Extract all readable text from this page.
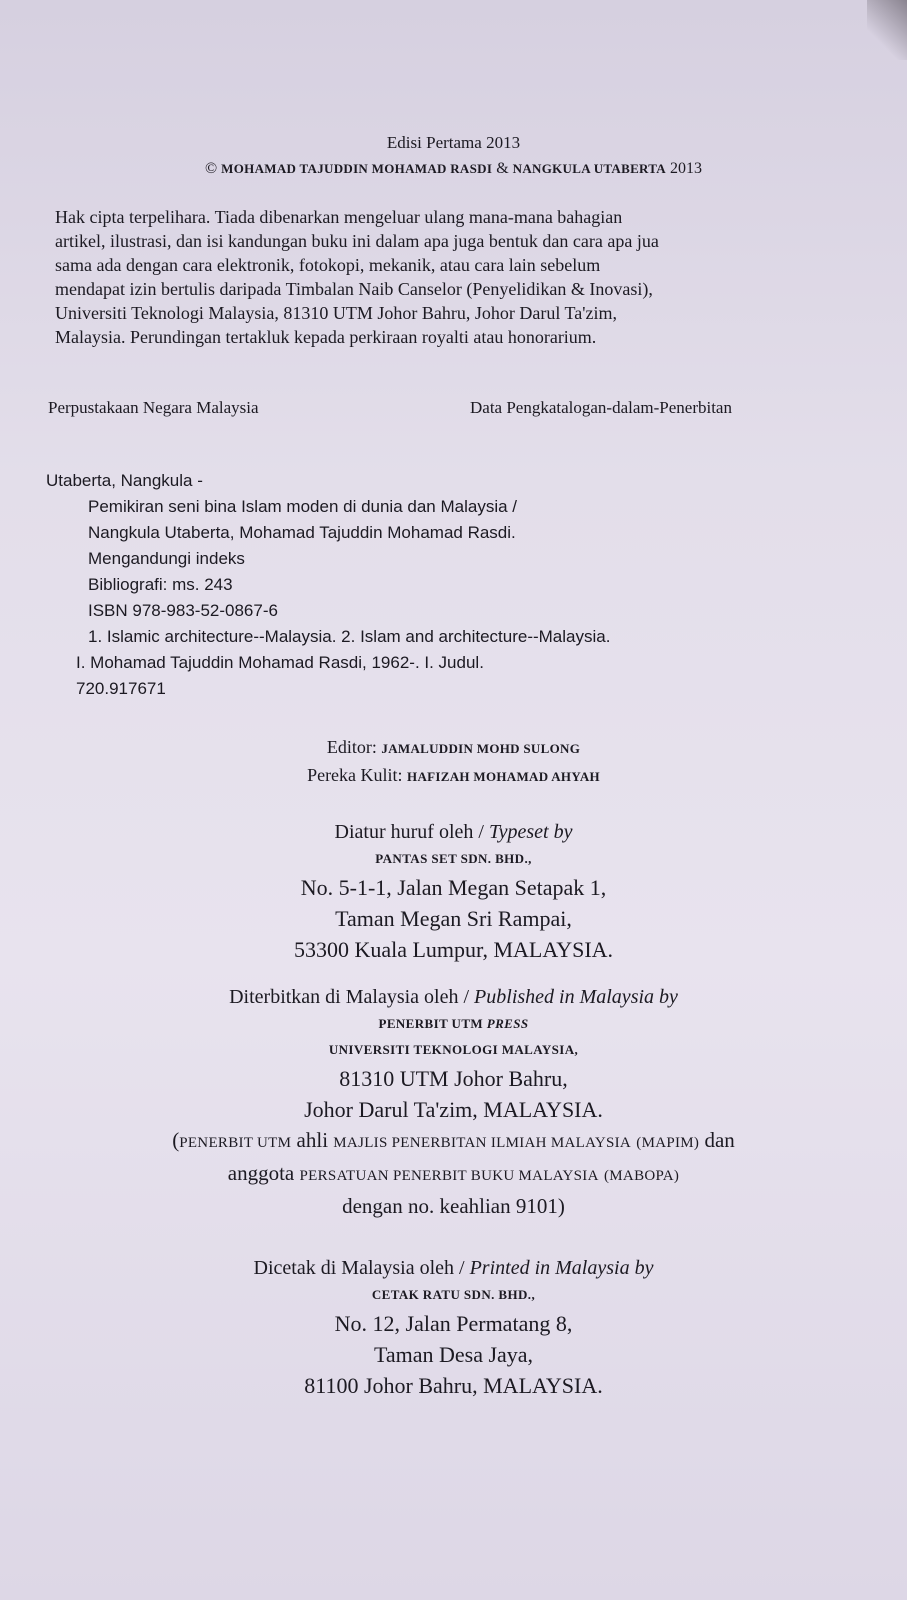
Edisi Pertama 2013
© MOHAMAD TAJUDDIN MOHAMAD RASDI & NANGKULA UTABERTA 2013

Hak cipta terpelihara. Tiada dibenarkan mengeluar ulang mana-mana bahagian

artikel, ilustrasi, dan isi kandungan buku ini dalam apa juga bentuk dan cara apa jua

sama ada dengan cara elektronik, fotokopi, mekanik, atau cara lain sebelum

mendapat izin bertulis daripada Timbalan Naib Canselor (Penyelidikan & Inovasi),

Universiti Teknologi Malaysia, 81310 UTM Johor Bahru, Johor Darul Ta'zim,

Malaysia. Perundingan tertakluk kepada perkiraan royalti atau honorarium.

Perpustakaan Negara Malaysia	Data Pengkatalogan-dalam-Penerbitan
Utaberta, Nangkula -
Pemikiran seni bina Islam moden di dunia dan Malaysia /
Nangkula Utaberta, Mohamad Tajuddin Mohamad Rasdi.
Mengandungi indeks
Bibliografi: ms. 243
ISBN 978-983-52-0867-6
1. Islamic architecture--Malaysia. 2. Islam and architecture--Malaysia.
I. Mohamad Tajuddin Mohamad Rasdi, 1962-. I. Judul.
720.917671
Editor: JAMALUDDIN MOHD SULONG
Pereka Kulit: HAFIZAH MOHAMAD AHYAH
Diatur huruf oleh / Typeset by
PANTAS SET SDN. BHD.,
No. 5-1-1, Jalan Megan Setapak 1,
Taman Megan Sri Rampai,
53300 Kuala Lumpur, MALAYSIA.
Diterbitkan di Malaysia oleh / Published in Malaysia by
PENERBIT UTM PRESS
UNIVERSITI TEKNOLOGI MALAYSIA,
81310 UTM Johor Bahru,
Johor Darul Ta'zim, MALAYSIA.
(PENERBIT UTM ahli MAJLIS PENERBITAN ILMIAH MALAYSIA (MAPIM) dan
anggota PERSATUAN PENERBIT BUKU MALAYSIA (MABOPA)
dengan no. keahlian 9101)
Dicetak di Malaysia oleh / Printed in Malaysia by
CETAK RATU SDN. BHD.,
No. 12, Jalan Permatang 8,
Taman Desa Jaya,
81100 Johor Bahru, MALAYSIA.
